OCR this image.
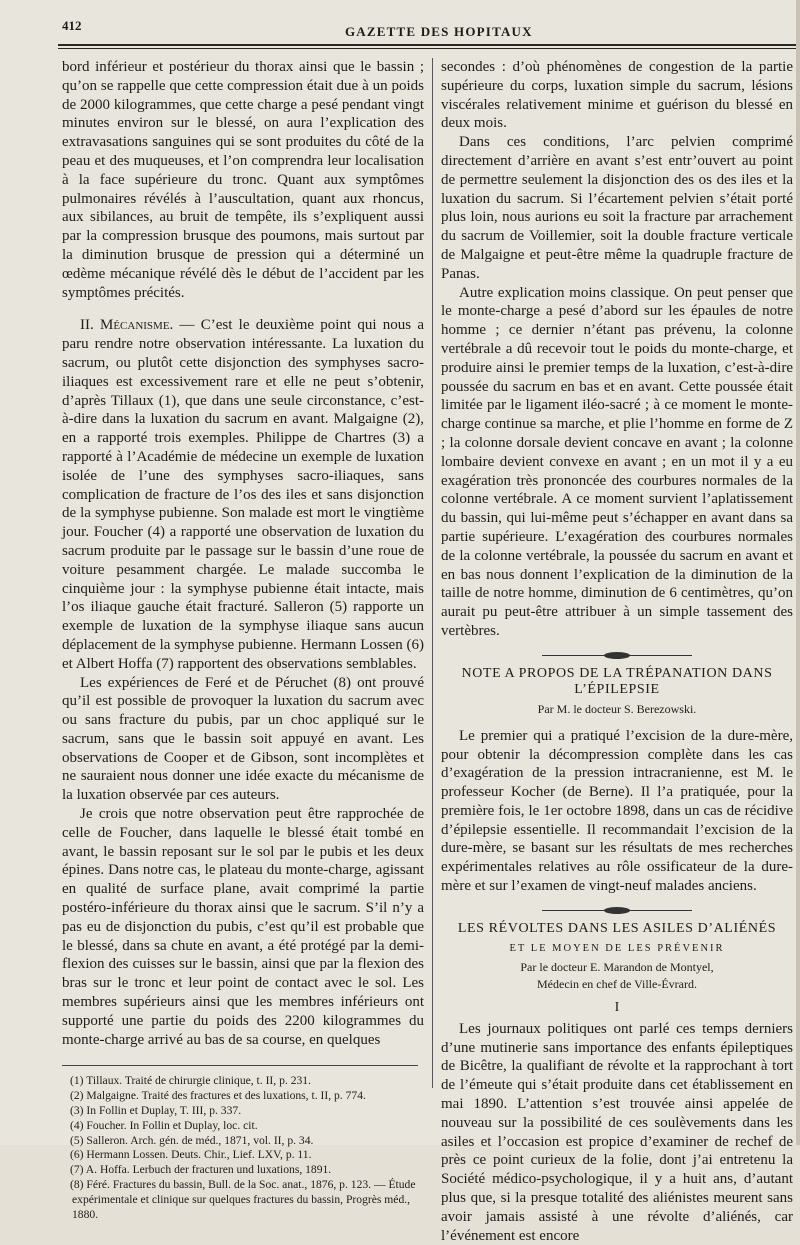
412	GAZETTE DES HOPITAUX

bord inférieur et postérieur du thorax ainsi que le bassin ; qu’on se rappelle que cette compression était due à un poids de 2000 kilogrammes, que cette charge a pesé pendant vingt minutes environ sur le blessé, on aura l’explication des extravasations sanguines qui se sont produites du côté de la peau et des muqueuses, et l’on comprendra leur localisation à la face supérieure du tronc. Quant aux symptômes pulmonaires révélés à l’auscultation, quant aux rhoncus, aux sibilances, au bruit de tempête, ils s’expliquent aussi par la compression brusque des poumons, mais surtout par la diminution brusque de pression qui a déterminé un œdème mécanique révélé dès le début de l’accident par les symptômes précités.

II. Mécanisme. — C’est le deuxième point qui nous a paru rendre notre observation intéressante. La luxation du sacrum, ou plutôt cette disjonction des symphyses sacro-iliaques est excessivement rare et elle ne peut s’obtenir, d’après Tillaux (1), que dans une seule circonstance, c’est-à-dire dans la luxation du sacrum en avant. Malgaigne (2), en a rapporté trois exemples. Philippe de Chartres (3) a rapporté à l’Académie de médecine un exemple de luxation isolée de l’une des symphyses sacro-iliaques, sans complication de fracture de l’os des iles et sans disjonction de la symphyse pubienne. Son malade est mort le vingtième jour. Foucher (4) a rapporté une observation de luxation du sacrum produite par le passage sur le bassin d’une roue de voiture pesamment chargée. Le malade succomba le cinquième jour : la symphyse pubienne était intacte, mais l’os iliaque gauche était fracturé. Salleron (5) rapporte un exemple de luxation de la symphyse iliaque sans aucun déplacement de la symphyse pubienne. Hermann Lossen (6) et Albert Hoffa (7) rapportent des observations semblables.

Les expériences de Feré et de Péruchet (8) ont prouvé qu’il est possible de provoquer la luxation du sacrum avec ou sans fracture du pubis, par un choc appliqué sur le sacrum, sans que le bassin soit appuyé en avant. Les observations de Cooper et de Gibson, sont incomplètes et ne sauraient nous donner une idée exacte du mécanisme de la luxation observée par ces auteurs.

Je crois que notre observation peut être rapprochée de celle de Foucher, dans laquelle le blessé était tombé en avant, le bassin reposant sur le sol par le pubis et les deux épines. Dans notre cas, le plateau du monte-charge, agissant en qualité de surface plane, avait comprimé la partie postéro-inférieure du thorax ainsi que le sacrum. S’il n’y a pas eu de disjonction du pubis, c’est qu’il est probable que le blessé, dans sa chute en avant, a été protégé par la demi-flexion des cuisses sur le bassin, ainsi que par la flexion des bras sur le tronc et leur point de contact avec le sol. Les membres supérieurs ainsi que les membres inférieurs ont supporté une partie du poids des 2200 kilogrammes du monte-charge arrivé au bas de sa course, en quelques

(1) Tillaux. Traité de chirurgie clinique, t. II, p. 231.

(2) Malgaigne. Traité des fractures et des luxations, t. II, p. 774.

(3) In Follin et Duplay, T. III, p. 337.

(4) Foucher. In Follin et Duplay, loc. cit.

(5) Salleron. Arch. gén. de méd., 1871, vol. II, p. 34.

(6) Hermann Lossen. Deuts. Chir., Lief. LXV, p. 11.

(7) A. Hoffa. Lerbuch der fracturen und luxations, 1891.

(8) Féré. Fractures du bassin, Bull. de la Soc. anat., 1876, p. 123. — Étude expérimentale et clinique sur quelques fractures du bassin, Progrès méd., 1880.

secondes : d’où phénomènes de congestion de la partie supérieure du corps, luxation simple du sacrum, lésions viscérales relativement minime et guérison du blessé en deux mois.

Dans ces conditions, l’arc pelvien comprimé directement d’arrière en avant s’est entr’ouvert au point de permettre seulement la disjonction des os des iles et la luxation du sacrum. Si l’écartement pelvien s’était porté plus loin, nous aurions eu soit la fracture par arrachement du sacrum de Voillemier, soit la double fracture verticale de Malgaigne et peut-être même la quadruple fracture de Panas.

Autre explication moins classique. On peut penser que le monte-charge a pesé d’abord sur les épaules de notre homme ; ce dernier n’étant pas prévenu, la colonne vertébrale a dû recevoir tout le poids du monte-charge, et produire ainsi le premier temps de la luxation, c’est-à-dire poussée du sacrum en bas et en avant. Cette poussée était limitée par le ligament iléo-sacré ; à ce moment le monte-charge continue sa marche, et plie l’homme en forme de Z ; la colonne dorsale devient concave en avant ; la colonne lombaire devient convexe en avant ; en un mot il y a eu exagération très prononcée des courbures normales de la colonne vertébrale. A ce moment survient l’aplatissement du bassin, qui lui-même peut s’échapper en avant dans sa partie supérieure. L’exagération des courbures normales de la colonne vertébrale, la poussée du sacrum en avant et en bas nous donnent l’explication de la diminution de la taille de notre homme, diminution de 6 centimètres, qu’on aurait pu peut-être attribuer à un simple tassement des vertèbres.

NOTE A PROPOS DE LA TRÉPANATION DANS L’ÉPILEPSIE
Par M. le docteur S. Berezowski.

Le premier qui a pratiqué l’excision de la dure-mère, pour obtenir la décompression complète dans les cas d’exagération de la pression intracranienne, est M. le professeur Kocher (de Berne). Il l’a pratiquée, pour la première fois, le 1er octobre 1898, dans un cas de récidive d’épilepsie essentielle. Il recommandait l’excision de la dure-mère, se basant sur les résultats de mes recherches expérimentales relatives au rôle ossificateur de la dure-mère et sur l’examen de vingt-neuf malades anciens.

LES RÉVOLTES DANS LES ASILES D’ALIÉNÉS
ET LE MOYEN DE LES PRÉVENIR
Par le docteur E. Marandon de Montyel,
Médecin en chef de Ville-Évrard.
I

Les journaux politiques ont parlé ces temps derniers d’une mutinerie sans importance des enfants épileptiques de Bicêtre, la qualifiant de révolte et la rapprochant à tort de l’émeute qui s’était produite dans cet établissement en mai 1890. L’attention s’est trouvée ainsi appelée de nouveau sur la possibilité de ces soulèvements dans les asiles et l’occasion est propice d’examiner de rechef de près ce point curieux de la folie, dont j’ai entretenu la Société médico-psychologique, il y a huit ans, d’autant plus que, si la presque totalité des aliénistes meurent sans avoir jamais assisté à une révolte d’aliénés, car l’événement est encore
